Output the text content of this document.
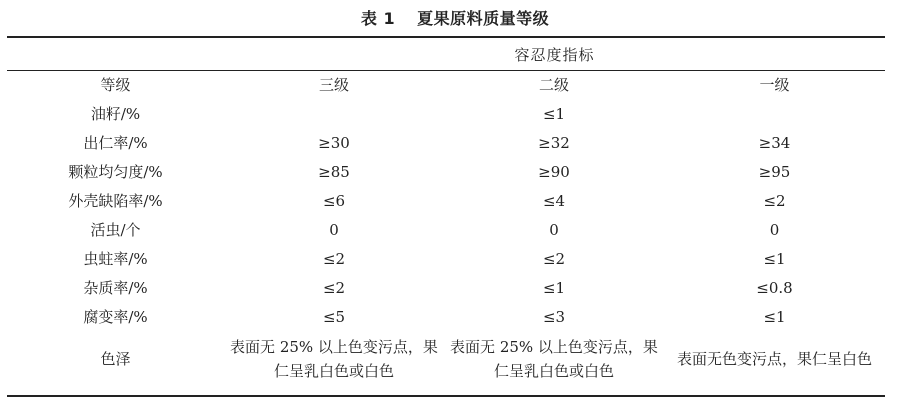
表 1 夏果原料质量等级
容忍度指标
等级	三级	二级	一级
油籽/%		≤1	
出仁率/%	≥30	≥32	≥34
颗粒均匀度/%	≥85	≥90	≥95
外壳缺陷率/%	≤6	≤4	≤2
活虫/个	0	0	0
虫蛀率/%	≤2	≤2	≤1
杂质率/%	≤2	≤1	≤0.8
腐变率/%	≤5	≤3	≤1
色泽	表面无 25% 以上色变污点，果仁呈乳白色或白色	表面无 25% 以上色变污点，果仁呈乳白色或白色	表面无色变污点，果仁呈白色
